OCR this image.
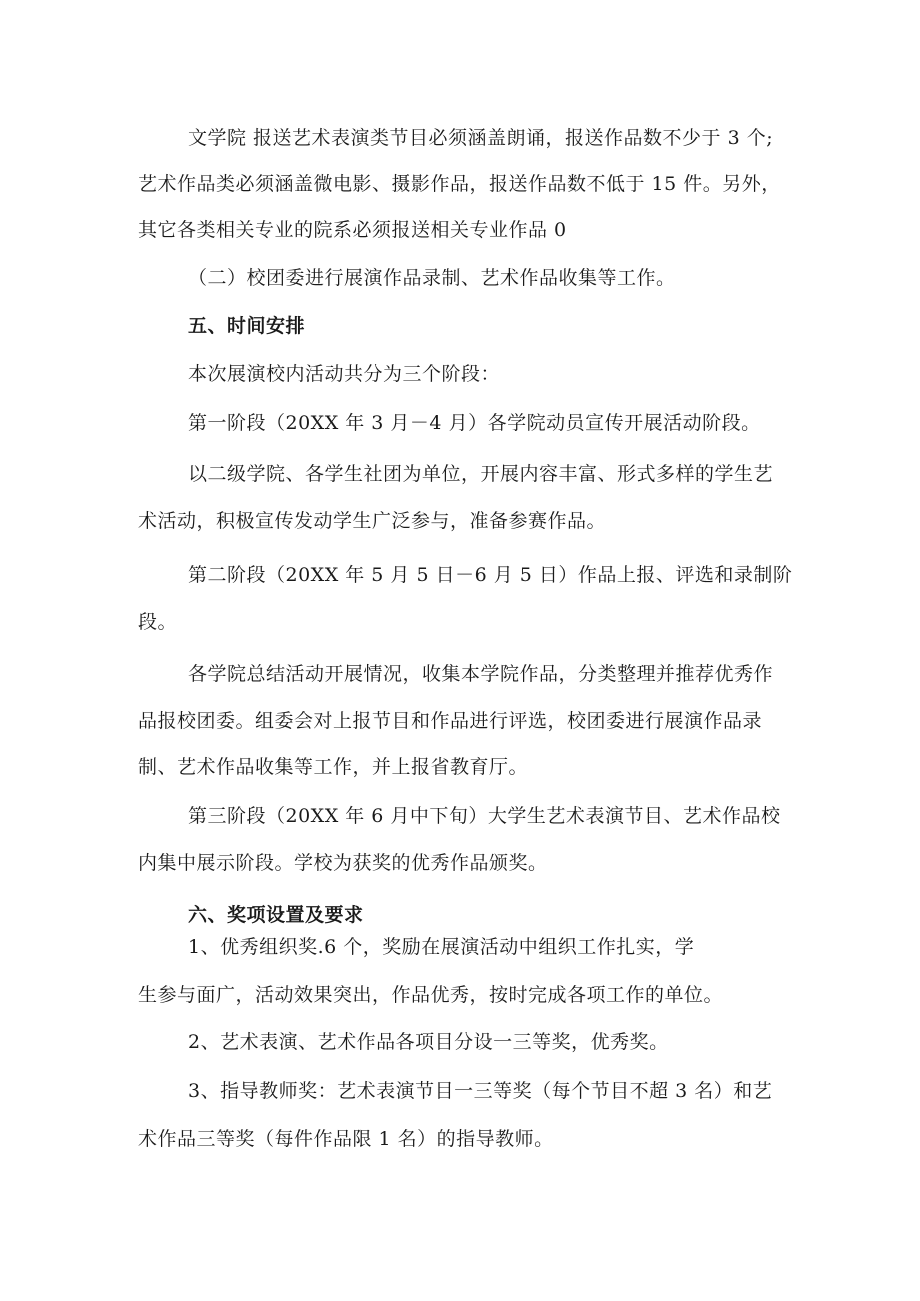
文学院 报送艺术表演类节目必须涵盖朗诵，报送作品数不少于 3 个;
艺术作品类必须涵盖微电影、摄影作品，报送作品数不低于 15 件。另外，
其它各类相关专业的院系必须报送相关专业作品 0
（二）校团委进行展演作品录制、艺术作品收集等工作。
五、时间安排
本次展演校内活动共分为三个阶段：
第一阶段（20XX 年 3 月－4 月）各学院动员宣传开展活动阶段。
以二级学院、各学生社团为单位，开展内容丰富、形式多样的学生艺
术活动，积极宣传发动学生广泛参与，准备参赛作品。
第二阶段（20XX 年 5 月 5 日－6 月 5 日）作品上报、评选和录制阶
段。
各学院总结活动开展情况，收集本学院作品，分类整理并推荐优秀作
品报校团委。组委会对上报节目和作品进行评选，校团委进行展演作品录
制、艺术作品收集等工作，并上报省教育厅。
第三阶段（20XX 年 6 月中下旬）大学生艺术表演节目、艺术作品校
内集中展示阶段。学校为获奖的优秀作品颁奖。
六、奖项设置及要求
1、优秀组织奖.6 个，奖励在展演活动中组织工作扎实，学
生参与面广，活动效果突出，作品优秀，按时完成各项工作的单位。
2、艺术表演、艺术作品各项目分设一三等奖，优秀奖。
3、指导教师奖：艺术表演节目一三等奖（每个节目不超 3 名）和艺
术作品三等奖（每件作品限 1 名）的指导教师。
